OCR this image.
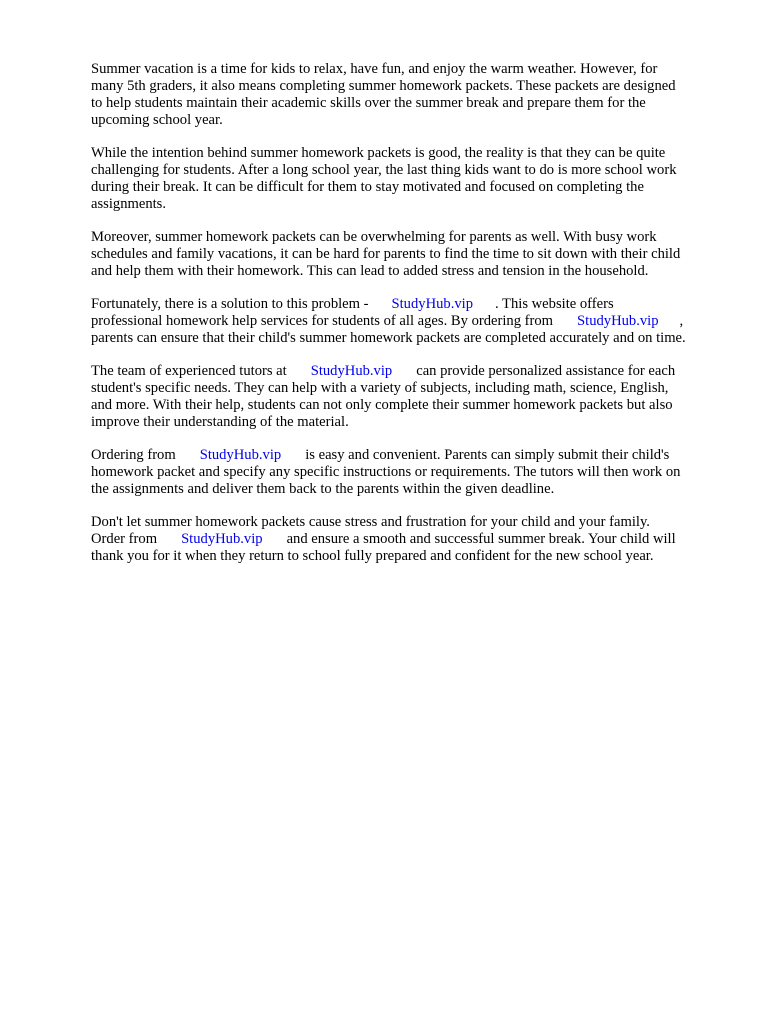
Summer vacation is a time for kids to relax, have fun, and enjoy the warm weather. However, for
many 5th graders, it also means completing summer homework packets. These packets are designed
to help students maintain their academic skills over the summer break and prepare them for the
upcoming school year.

While the intention behind summer homework packets is good, the reality is that they can be quite
challenging for students. After a long school year, the last thing kids want to do is more school work
during their break. It can be difficult for them to stay motivated and focused on completing the
assignments.

Moreover, summer homework packets can be overwhelming for parents as well. With busy work
schedules and family vacations, it can be hard for parents to find the time to sit down with their child
and help them with their homework. This can lead to added stress and tension in the household.

Fortunately, there is a solution to this problem - StudyHub.vip . This website offers
professional homework help services for students of all ages. By ordering from StudyHub.vip ,
parents can ensure that their child's summer homework packets are completed accurately and on time.

The team of experienced tutors at StudyHub.vip can provide personalized assistance for each
student's specific needs. They can help with a variety of subjects, including math, science, English,
and more. With their help, students can not only complete their summer homework packets but also
improve their understanding of the material.

Ordering from StudyHub.vip is easy and convenient. Parents can simply submit their child's
homework packet and specify any specific instructions or requirements. The tutors will then work on
the assignments and deliver them back to the parents within the given deadline.

Don't let summer homework packets cause stress and frustration for your child and your family.
Order from StudyHub.vip and ensure a smooth and successful summer break. Your child will
thank you for it when they return to school fully prepared and confident for the new school year.
